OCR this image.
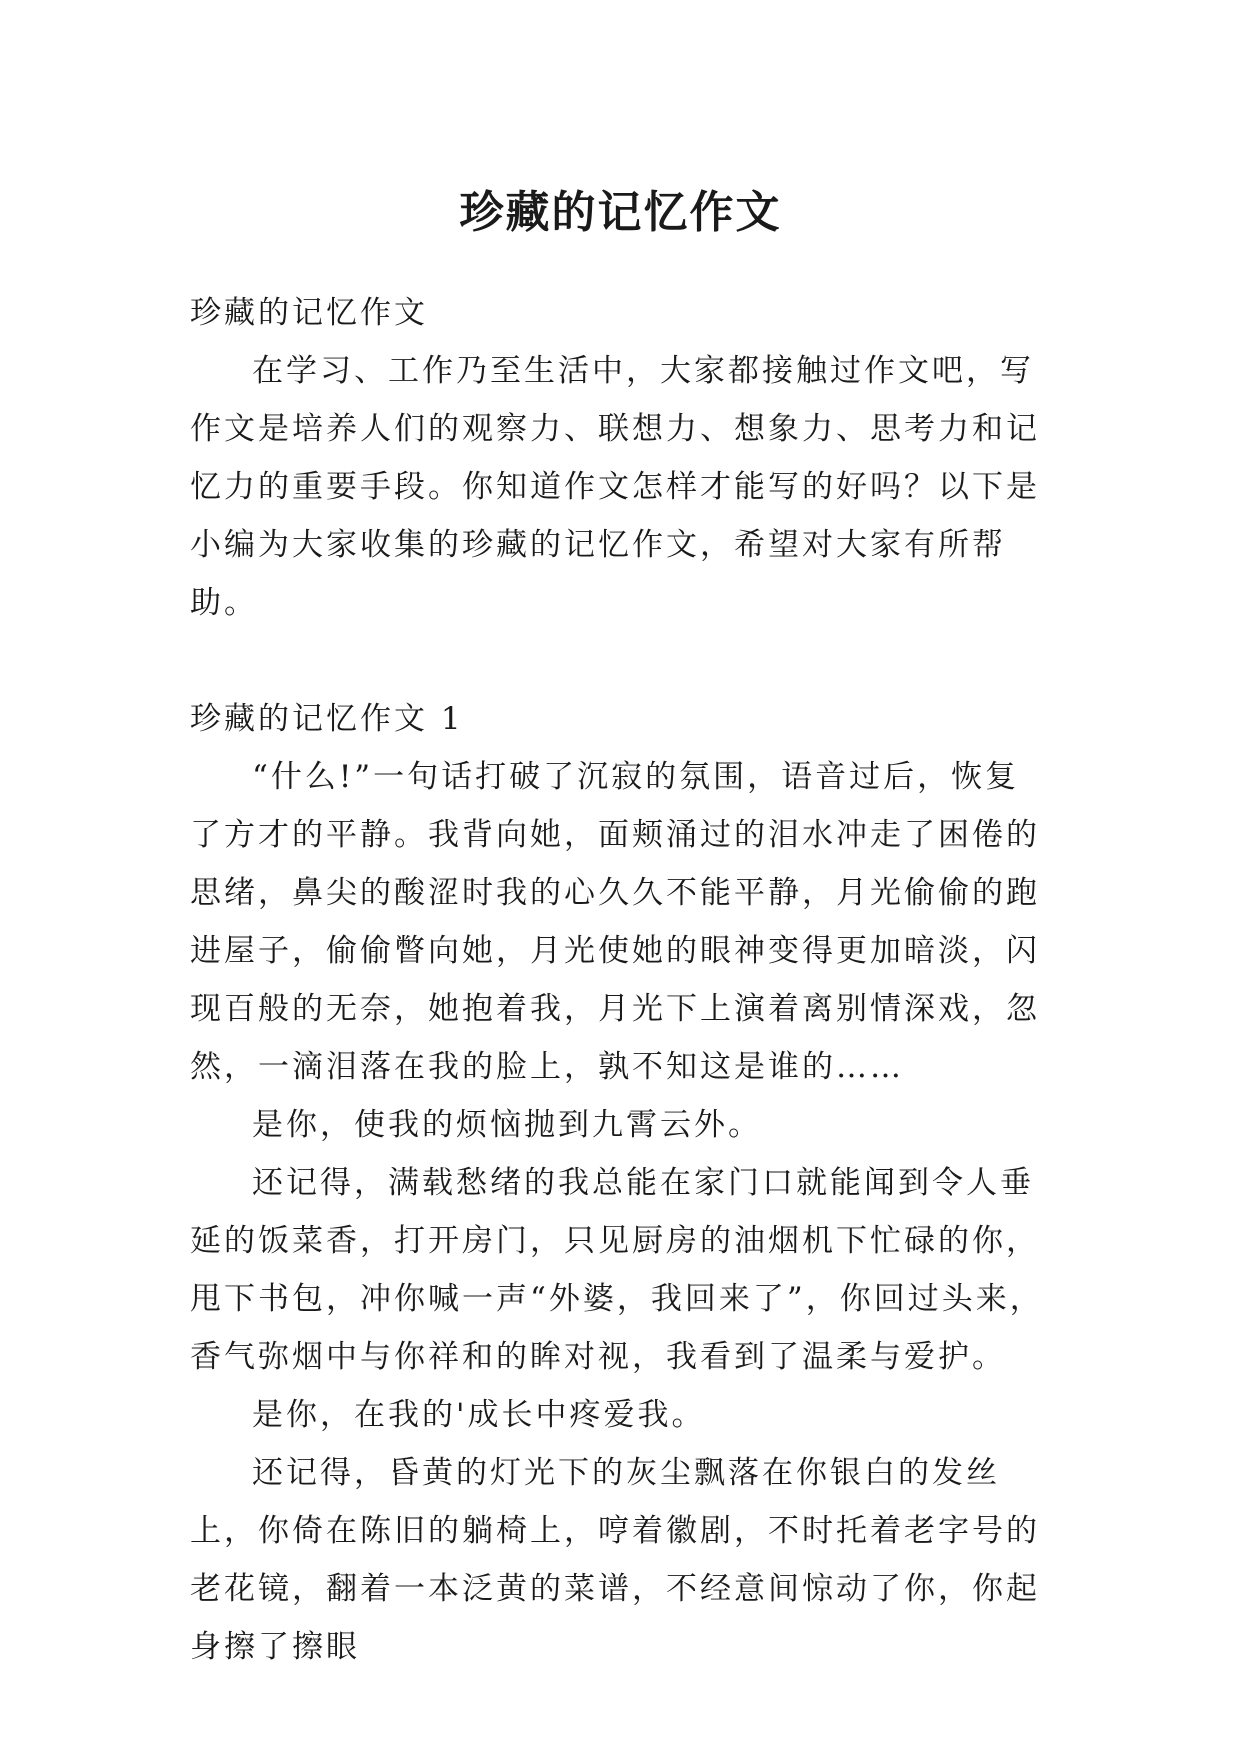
珍藏的记忆作文

珍藏的记忆作文

在学习、工作乃至生活中，大家都接触过作文吧，写作文是培养人们的观察力、联想力、想象力、思考力和记忆力的重要手段。你知道作文怎样才能写的好吗？以下是小编为大家收集的珍藏的记忆作文，希望对大家有所帮助。

珍藏的记忆作文 1

“什么!”一句话打破了沉寂的氛围，语音过后，恢复了方才的平静。我背向她，面颊涌过的泪水冲走了困倦的思绪，鼻尖的酸涩时我的心久久不能平静，月光偷偷的跑进屋子，偷偷瞥向她，月光使她的眼神变得更加暗淡，闪现百般的无奈，她抱着我，月光下上演着离别情深戏，忽然，一滴泪落在我的脸上，孰不知这是谁的……

是你，使我的烦恼抛到九霄云外。

还记得，满载愁绪的我总能在家门口就能闻到令人垂延的饭菜香，打开房门，只见厨房的油烟机下忙碌的你，甩下书包，冲你喊一声“外婆，我回来了”，你回过头来，香气弥烟中与你祥和的眸对视，我看到了温柔与爱护。

是你，在我的'成长中疼爱我。

还记得，昏黄的灯光下的灰尘飘落在你银白的发丝上，你倚在陈旧的躺椅上，哼着徽剧，不时托着老字号的老花镜，翻着一本泛黄的菜谱，不经意间惊动了你，你起身擦了擦眼
